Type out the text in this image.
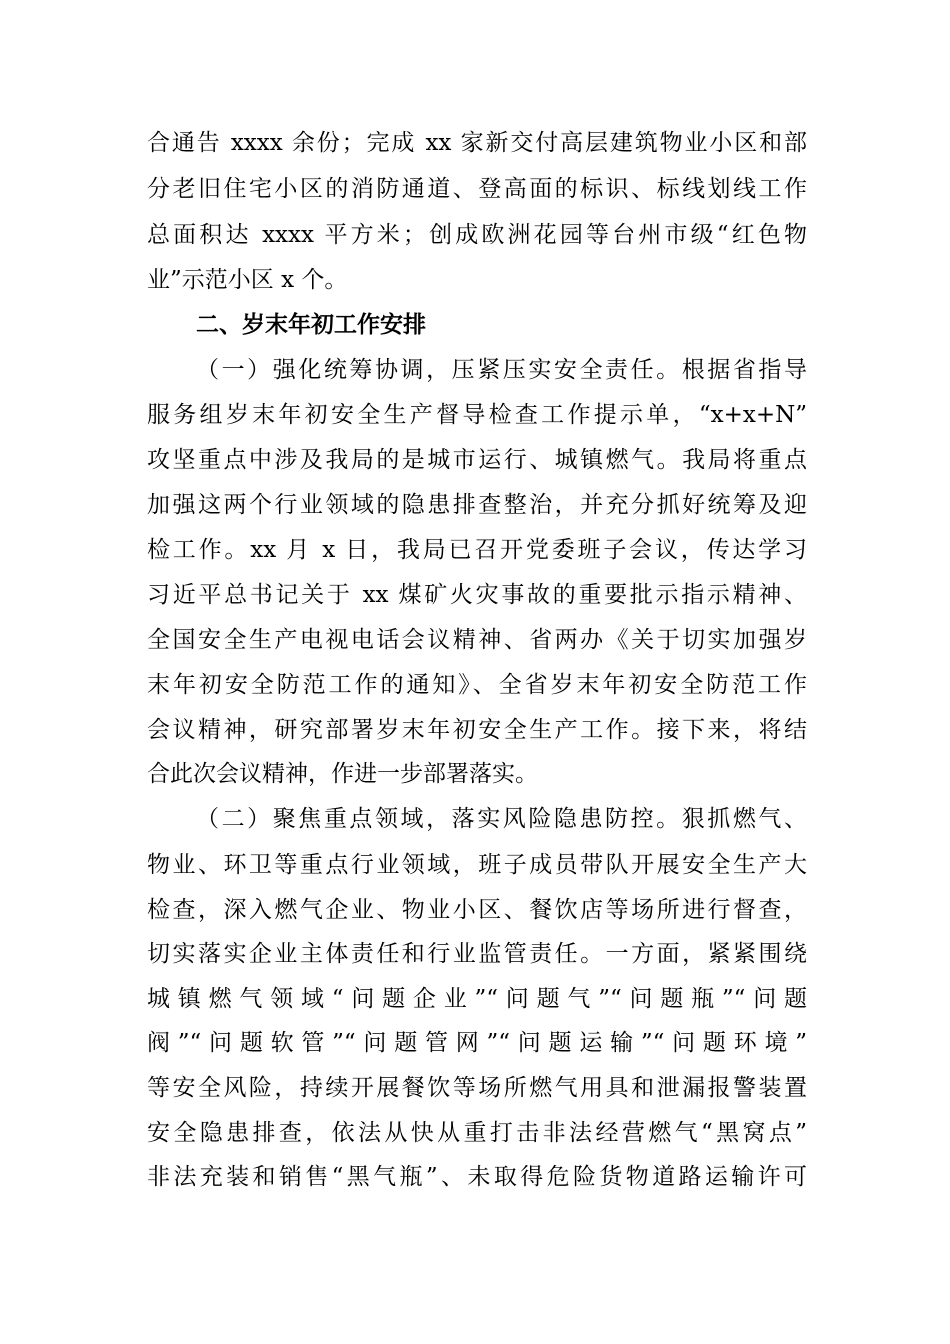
合通告 xxxx 余份；完成 xx 家新交付高层建筑物业小区和部
分老旧住宅小区的消防通道、登高面的标识、标线划线工作
总面积达 xxxx 平方米；创成欧洲花园等台州市级“红色物
业”示范小区 x 个。
二、岁末年初工作安排
（一）强化统筹协调，压紧压实安全责任。根据省指导
服务组岁末年初安全生产督导检查工作提示单，“x+x+N”
攻坚重点中涉及我局的是城市运行、城镇燃气。我局将重点
加强这两个行业领域的隐患排查整治，并充分抓好统筹及迎
检工作。xx 月 x 日，我局已召开党委班子会议，传达学习
习近平总书记关于 xx 煤矿火灾事故的重要批示指示精神、
全国安全生产电视电话会议精神、省两办《关于切实加强岁
末年初安全防范工作的通知》、全省岁末年初安全防范工作
会议精神，研究部署岁末年初安全生产工作。接下来，将结
合此次会议精神，作进一步部署落实。
（二）聚焦重点领域，落实风险隐患防控。狠抓燃气、
物业、环卫等重点行业领域，班子成员带队开展安全生产大
检查，深入燃气企业、物业小区、餐饮店等场所进行督查，
切实落实企业主体责任和行业监管责任。一方面，紧紧围绕
城镇燃气领域“问题企业”“问题气”“问题瓶”“问题
阀”“问题软管”“问题管网”“问题运输”“问题环境”
等安全风险，持续开展餐饮等场所燃气用具和泄漏报警装置
安全隐患排查，依法从快从重打击非法经营燃气“黑窝点”
非法充装和销售“黑气瓶”、未取得危险货物道路运输许可
